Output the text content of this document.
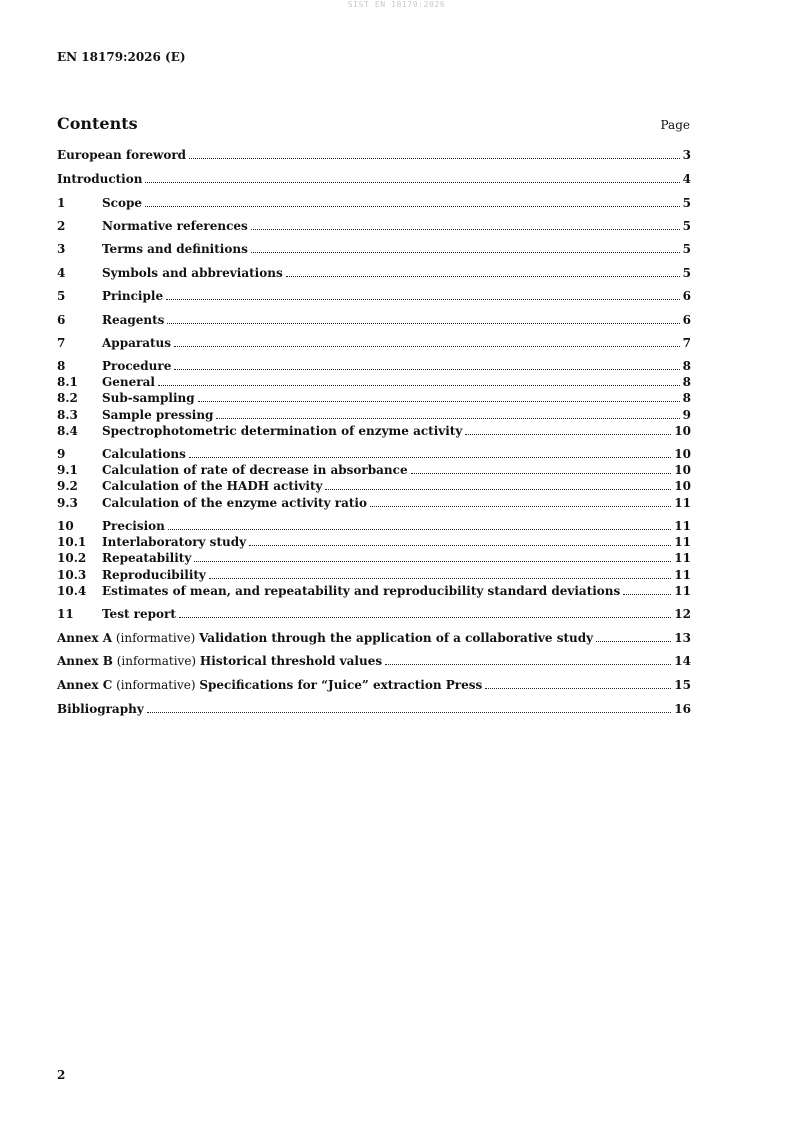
SIST EN 18179:2026
EN 18179:2026 (E)
Contents	Page
European foreword	3
Introduction	4
1	Scope	5
2	Normative references	5
3	Terms and definitions	5
4	Symbols and abbreviations	5
5	Principle	6
6	Reagents	6
7	Apparatus	7
8	Procedure	8
8.1	General	8
8.2	Sub-sampling	8
8.3	Sample pressing	9
8.4	Spectrophotometric determination of enzyme activity	10
9	Calculations	10
9.1	Calculation of rate of decrease in absorbance	10
9.2	Calculation of the HADH activity	10
9.3	Calculation of the enzyme activity ratio	11
10	Precision	11
10.1	Interlaboratory study	11
10.2	Repeatability	11
10.3	Reproducibility	11
10.4	Estimates of mean, and repeatability and reproducibility standard deviations	11
11	Test report	12
Annex A (informative) Validation through the application of a collaborative study	13
Annex B (informative) Historical threshold values	14
Annex C (informative) Specifications for “Juice” extraction Press	15
Bibliography	16
2
